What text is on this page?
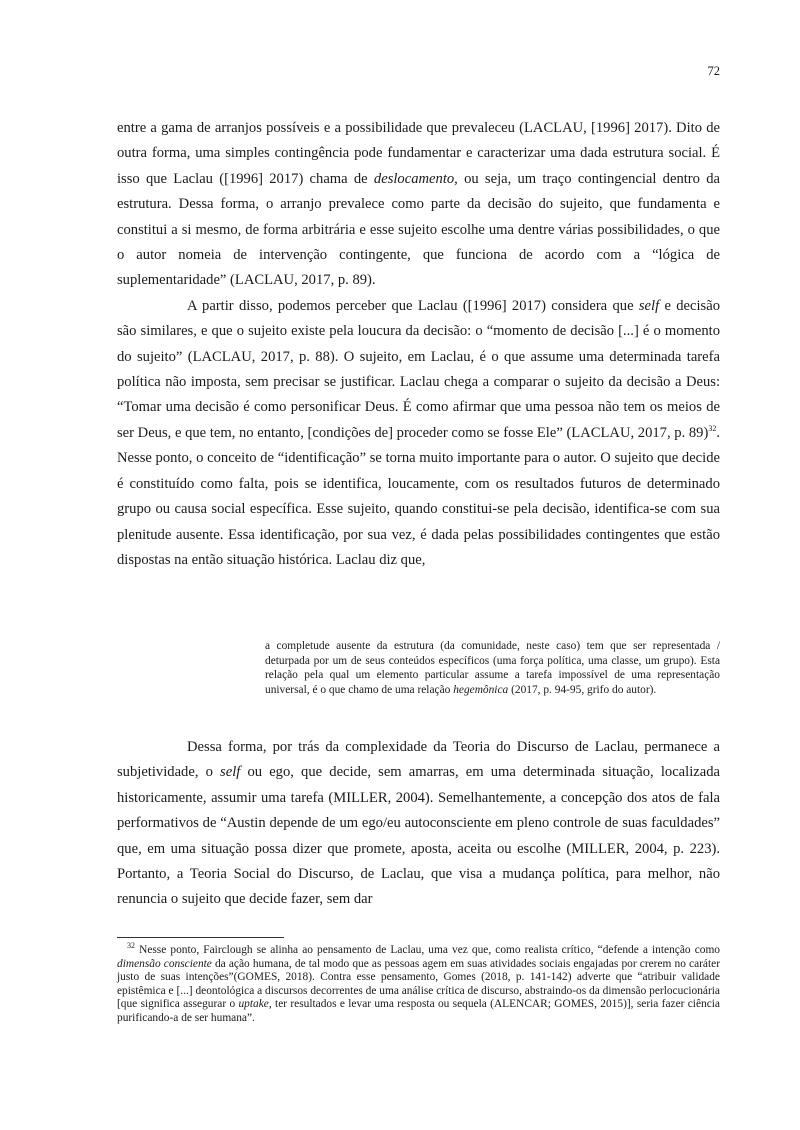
72

entre a gama de arranjos possíveis e a possibilidade que prevaleceu (LACLAU, [1996] 2017). Dito de outra forma, uma simples contingência pode fundamentar e caracterizar uma dada estrutura social. É isso que Laclau ([1996] 2017) chama de deslocamento, ou seja, um traço contingencial dentro da estrutura. Dessa forma, o arranjo prevalece como parte da decisão do sujeito, que fundamenta e constitui a si mesmo, de forma arbitrária e esse sujeito escolhe uma dentre várias possibilidades, o que o autor nomeia de intervenção contingente, que funciona de acordo com a “lógica de suplementaridade” (LACLAU, 2017, p. 89).

A partir disso, podemos perceber que Laclau ([1996] 2017) considera que self e decisão são similares, e que o sujeito existe pela loucura da decisão: o “momento de decisão [...] é o momento do sujeito” (LACLAU, 2017, p. 88). O sujeito, em Laclau, é o que assume uma determinada tarefa política não imposta, sem precisar se justificar. Laclau chega a comparar o sujeito da decisão a Deus: “Tomar uma decisão é como personificar Deus. É como afirmar que uma pessoa não tem os meios de ser Deus, e que tem, no entanto, [condições de] proceder como se fosse Ele” (LACLAU, 2017, p. 89)$^{32}$. Nesse ponto, o conceito de “identificação” se torna muito importante para o autor. O sujeito que decide é constituído como falta, pois se identifica, loucamente, com os resultados futuros de determinado grupo ou causa social específica. Esse sujeito, quando constitui-se pela decisão, identifica-se com sua plenitude ausente. Essa identificação, por sua vez, é dada pelas possibilidades contingentes que estão dispostas na então situação histórica. Laclau diz que,

a completude ausente da estrutura (da comunidade, neste caso) tem que ser representada / deturpada por um de seus conteúdos específicos (uma força política, uma classe, um grupo). Esta relação pela qual um elemento particular assume a tarefa impossível de uma representação universal, é o que chamo de uma relação hegemônica (2017, p. 94-95, grifo do autor).

Dessa forma, por trás da complexidade da Teoria do Discurso de Laclau, permanece a subjetividade, o self ou ego, que decide, sem amarras, em uma determinada situação, localizada historicamente, assumir uma tarefa (MILLER, 2004). Semelhantemente, a concepção dos atos de fala performativos de “Austin depende de um ego/eu autoconsciente em pleno controle de suas faculdades” que, em uma situação possa dizer que promete, aposta, aceita ou escolhe (MILLER, 2004, p. 223). Portanto, a Teoria Social do Discurso, de Laclau, que visa a mudança política, para melhor, não renuncia o sujeito que decide fazer, sem dar

$^{32}$ Nesse ponto, Fairclough se alinha ao pensamento de Laclau, uma vez que, como realista crítico, “defende a intenção como dimensão consciente da ação humana, de tal modo que as pessoas agem em suas atividades sociais engajadas por crerem no caráter justo de suas intenções”(GOMES, 2018). Contra esse pensamento, Gomes (2018, p. 141-142) adverte que “atribuir validade epistêmica e [...] deontológica a discursos decorrentes de uma análise crítica de discurso, abstraindo-os da dimensão perlocucionária [que significa assegurar o uptake, ter resultados e levar uma resposta ou sequela (ALENCAR; GOMES, 2015)], seria fazer ciência purificando-a de ser humana”.
